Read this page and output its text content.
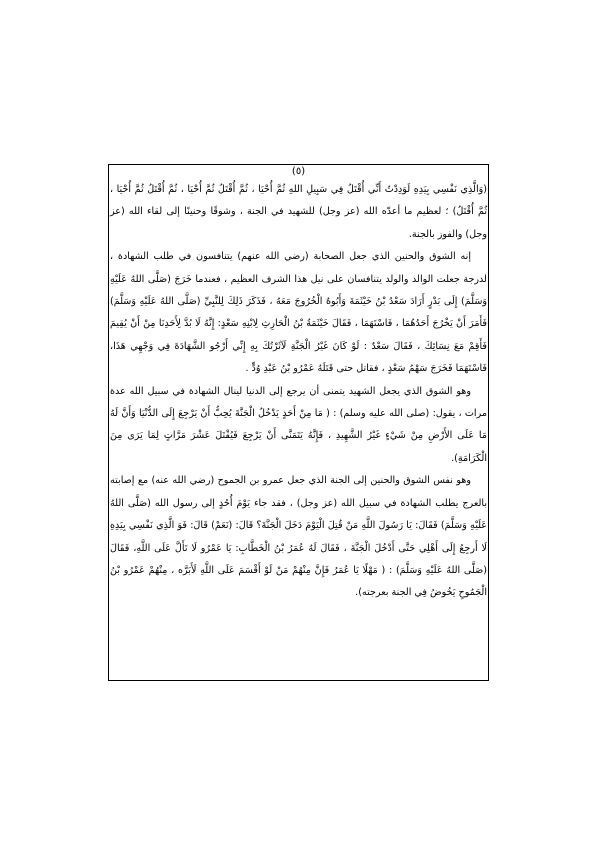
(٥)

(وَالَّذِي نَفْسِي بِيَدِهِ لَوَدِدْتُ أَنِّي أُقْتَلُ فِي سَبِيلِ اللهِ ثُمَّ أُحْيَا ، ثُمَّ أُقْتَلُ ثُمَّ أُحْيَا ، ثُمَّ أُقْتَلُ ثُمَّ أُحْيَا ، ثُمَّ أُقْتَلُ) ؛ لعظيم ما أعدّه الله (عز وجل) للشهيد في الجنة ، وشوقًا وحنينًا إلى لقاء الله (عز وجل) والفوز بالجنة.

إنه الشوق والحنين الذي جعل الصحابة (رضي الله عنهم) يتنافسون في طلب الشهادة ، لدرجة جعلت الوالد والولد يتنافسان على نيل هذا الشرف العظيم ، فعندما خَرَجَ (صَلَّى اللهُ عَلَيْهِ وَسَلَّمَ) إِلَى بَدْرٍ أَرَادَ سَعْدُ بْنُ خَيْثَمَةَ وَأَبُوهُ الْخُرُوجَ مَعَهُ ، فَذَكَرَ ذَلِكَ لِلنَّبِيِّ (صَلَّى اللهُ عَلَيْهِ وَسَلَّمَ) فَأَمَرَ أَنْ يَخْرُجَ أَحَدُهُمَا ، فَاسْتَهَمَا ، فَقَالَ خَيْثَمَةُ بْنُ الْحَارِثِ لِابْنِهِ سَعْدٍ: إِنَّهُ لَا بُدَّ لِأَحَدِنَا مِنْ أَنْ يُقِيمَ فَأَقِمْ مَعَ نِسَائِكَ ، فَقَالَ سَعْدٌ : لَوْ كَانَ غَيْرُ الْجَنَّةِ لَآثَرْتُكَ بِهِ إِنِّي أَرْجُو الشَّهَادَةَ فِي وَجْهِي هَذَا، فَاسْتَهَمَا فَخَرَجَ سَهْمُ سَعْدٍ ، فقاتل حتى قَتَلَهُ عَمْرُو بْنُ عَبْدِ وُدٍّ .

وهو الشوق الذي يجعل الشهيد يتمنى أن يرجع إلى الدنيا لينال الشهادة في سبيل الله عدة مرات ، يقول: (صلى الله عليه وسلم) : ( مَا مِنْ أَحَدٍ يَدْخُلُ الْجَنَّةَ يُحِبُّ أَنْ يَرْجِعَ إِلَى الدُّنْيَا وَأَنَّ لَهُ مَا عَلَى الأَرْضِ مِنْ شَيْءٍ غَيْرُ الشَّهِيدِ ، فَإِنَّهُ يَتَمَنَّى أَنْ يَرْجِعَ فَيُقْتَلَ عَشْرَ مَرَّاتٍ لِمَا يَرَى مِنَ الْكَرَامَةِ).

وهو نفس الشوق والحنين إلى الجنة الذي جعل عمرو بن الجموح (رضي الله عنه) مع إصابته بالعرج يطلب الشهادة في سبيل الله (عز وجل) ، فقد جاء يَوْمَ أُحُدٍ إلى رسول الله (صَلَّى اللهُ عَلَيْهِ وَسَلَّمَ) فَقَالَ: يَا رَسُولَ اللَّهِ مَنْ قُتِلَ الْيَوْمَ دَخَلَ الْجَنَّةَ؟ قَالَ: (نَعَمْ) قَالَ: فَوَ الَّذِي نَفْسِي بِيَدِهِ لَا أَرجِعُ إِلَى أَهْلِي حَتَّى أَدْخُلَ الْجَنَّةَ ، فَقَالَ لَهُ عُمَرُ بْنُ الْخَطَّابِ: يَا عَمْرُو لَا تَأَلَّ عَلَى اللَّهِ، فَقَالَ (صَلَّى اللهُ عَلَيْهِ وَسَلَّمَ) : ( مَهْلًا يَا عُمَرُ فَإِنَّ مِنْهُمْ مَنْ لَوْ أَقْسَمَ عَلَى اللَّهِ لَأَبَرَّه ، مِنْهُمْ عَمْرُو بْنُ الْجَمُوحِ يَخُوضُ فِي الجنة بعرجته).
